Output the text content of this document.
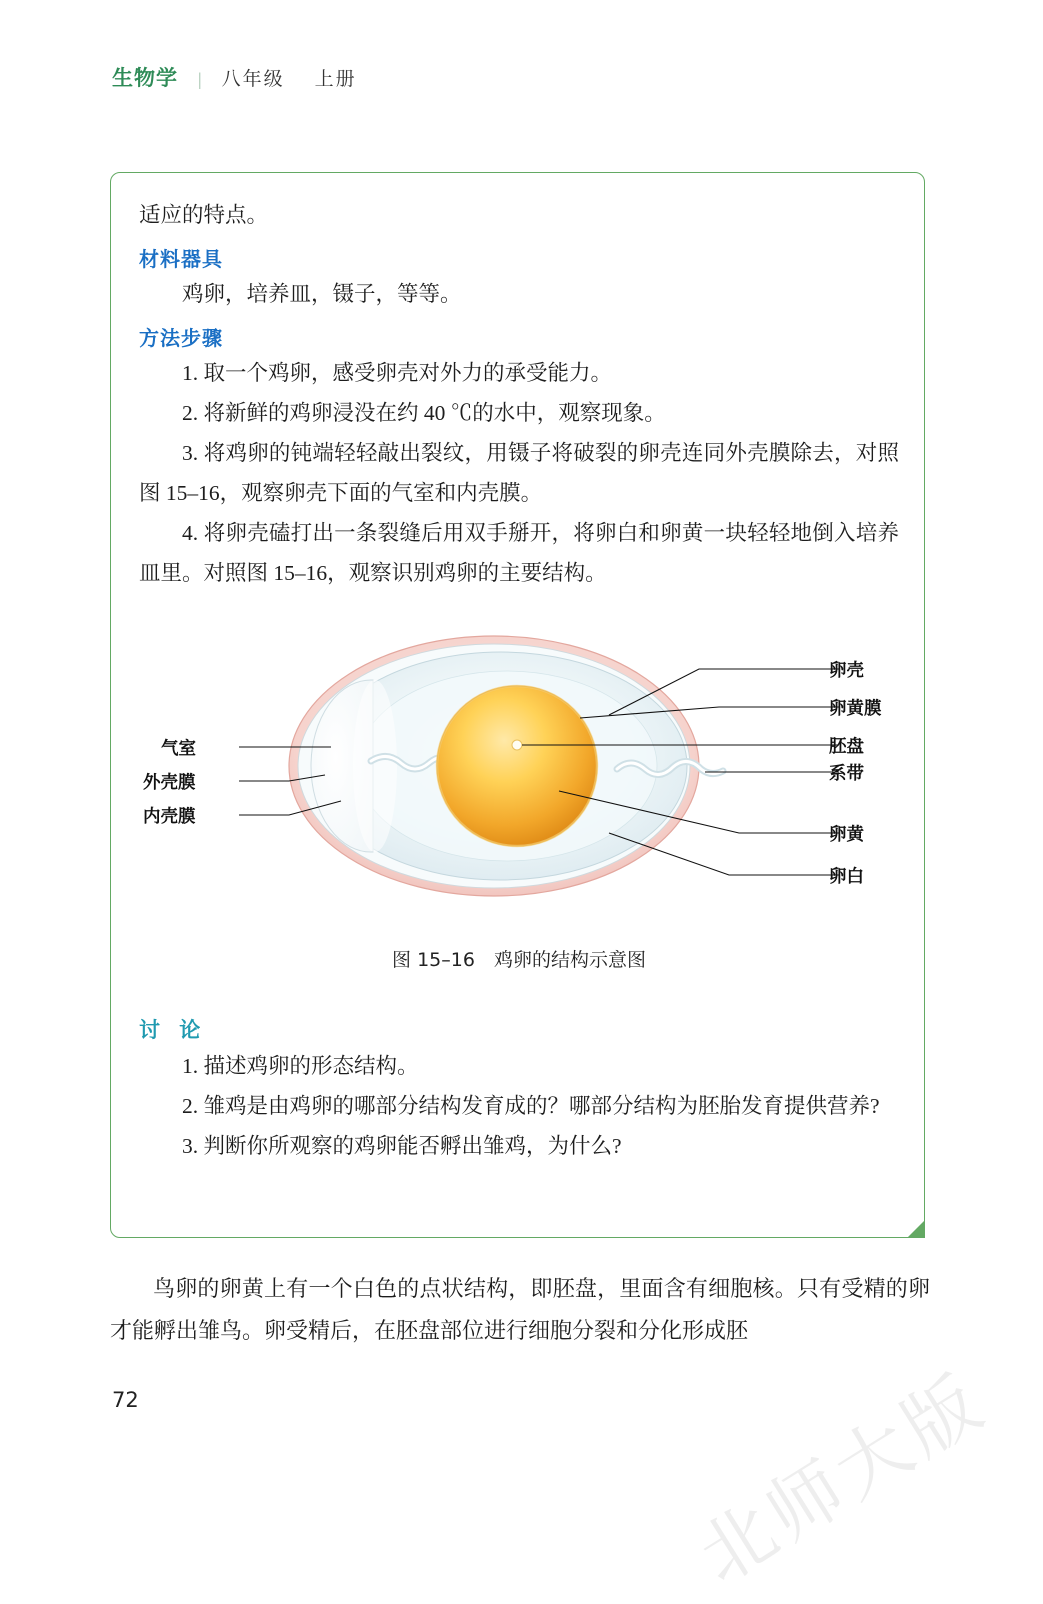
生物学 | 八年级 上册
适应的特点。
材料器具
鸡卵，培养皿，镊子，等等。
方法步骤
1. 取一个鸡卵，感受卵壳对外力的承受能力。
2. 将新鲜的鸡卵浸没在约 40 ℃的水中，观察现象。
3. 将鸡卵的钝端轻轻敲出裂纹，用镊子将破裂的卵壳连同外壳膜除去，对照图 15–16，观察卵壳下面的气室和内壳膜。
4. 将卵壳磕打出一条裂缝后用双手掰开，将卵白和卵黄一块轻轻地倒入培养皿里。对照图 15–16，观察识别鸡卵的主要结构。
卵壳
卵黄膜
胚盘
系带
卵黄
卵白
气室
外壳膜
内壳膜
图 15–16　鸡卵的结构示意图
讨 论
1. 描述鸡卵的形态结构。
2. 雏鸡是由鸡卵的哪部分结构发育成的？哪部分结构为胚胎发育提供营养?
3. 判断你所观察的鸡卵能否孵出雏鸡，为什么?
鸟卵的卵黄上有一个白色的点状结构，即胚盘，里面含有细胞核。只有受精的卵才能孵出雏鸟。卵受精后，在胚盘部位进行细胞分裂和分化形成胚
72	北师大版
